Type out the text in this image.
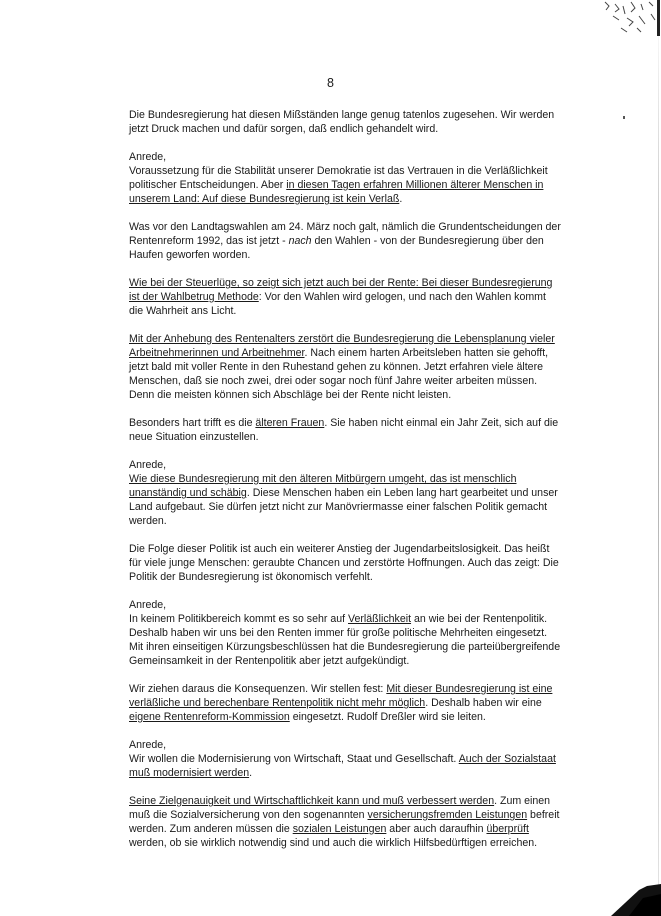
8

Die Bundesregierung hat diesen Mißständen lange genug tatenlos zugesehen. Wir werden jetzt Druck machen und dafür sorgen, daß endlich gehandelt wird.

Anrede,
Voraussetzung für die Stabilität unserer Demokratie ist das Vertrauen in die Verläßlichkeit politischer Entscheidungen. Aber in diesen Tagen erfahren Millionen älterer Menschen in unserem Land: Auf diese Bundesregierung ist kein Verlaß.

Was vor den Landtagswahlen am 24. März noch galt, nämlich die Grundentscheidungen der Rentenreform 1992, das ist jetzt - nach den Wahlen - von der Bundesregierung über den Haufen geworfen worden.

Wie bei der Steuerlüge, so zeigt sich jetzt auch bei der Rente: Bei dieser Bundesregierung ist der Wahlbetrug Methode: Vor den Wahlen wird gelogen, und nach den Wahlen kommt die Wahrheit ans Licht.

Mit der Anhebung des Rentenalters zerstört die Bundesregierung die Lebensplanung vieler Arbeitnehmerinnen und Arbeitnehmer. Nach einem harten Arbeitsleben hatten sie gehofft, jetzt bald mit voller Rente in den Ruhestand gehen zu können. Jetzt erfahren viele ältere Menschen, daß sie noch zwei, drei oder sogar noch fünf Jahre weiter arbeiten müssen. Denn die meisten können sich Abschläge bei der Rente nicht leisten.

Besonders hart trifft es die älteren Frauen. Sie haben nicht einmal ein Jahr Zeit, sich auf die neue Situation einzustellen.

Anrede,
Wie diese Bundesregierung mit den älteren Mitbürgern umgeht, das ist menschlich unanständig und schäbig. Diese Menschen haben ein Leben lang hart gearbeitet und unser Land aufgebaut. Sie dürfen jetzt nicht zur Manövriermasse einer falschen Politik gemacht werden.

Die Folge dieser Politik ist auch ein weiterer Anstieg der Jugendarbeitslosigkeit. Das heißt für viele junge Menschen: geraubte Chancen und zerstörte Hoffnungen. Auch das zeigt: Die Politik der Bundesregierung ist ökonomisch verfehlt.

Anrede,
In keinem Politikbereich kommt es so sehr auf Verläßlichkeit an wie bei der Rentenpolitik. Deshalb haben wir uns bei den Renten immer für große politische Mehrheiten eingesetzt. Mit ihren einseitigen Kürzungsbeschlüssen hat die Bundesregierung die parteiübergreifende Gemeinsamkeit in der Rentenpolitik aber jetzt aufgekündigt.

Wir ziehen daraus die Konsequenzen. Wir stellen fest: Mit dieser Bundesregierung ist eine verläßliche und berechenbare Rentenpolitik nicht mehr möglich. Deshalb haben wir eine eigene Rentenreform-Kommission eingesetzt. Rudolf Dreßler wird sie leiten.

Anrede,
Wir wollen die Modernisierung von Wirtschaft, Staat und Gesellschaft. Auch der Sozialstaat muß modernisiert werden.

Seine Zielgenauigkeit und Wirtschaftlichkeit kann und muß verbessert werden. Zum einen muß die Sozialversicherung von den sogenannten versicherungsfremden Leistungen befreit werden. Zum anderen müssen die sozialen Leistungen aber auch daraufhin überprüft werden, ob sie wirklich notwendig sind und auch die wirklich Hilfsbedürftigen erreichen.
